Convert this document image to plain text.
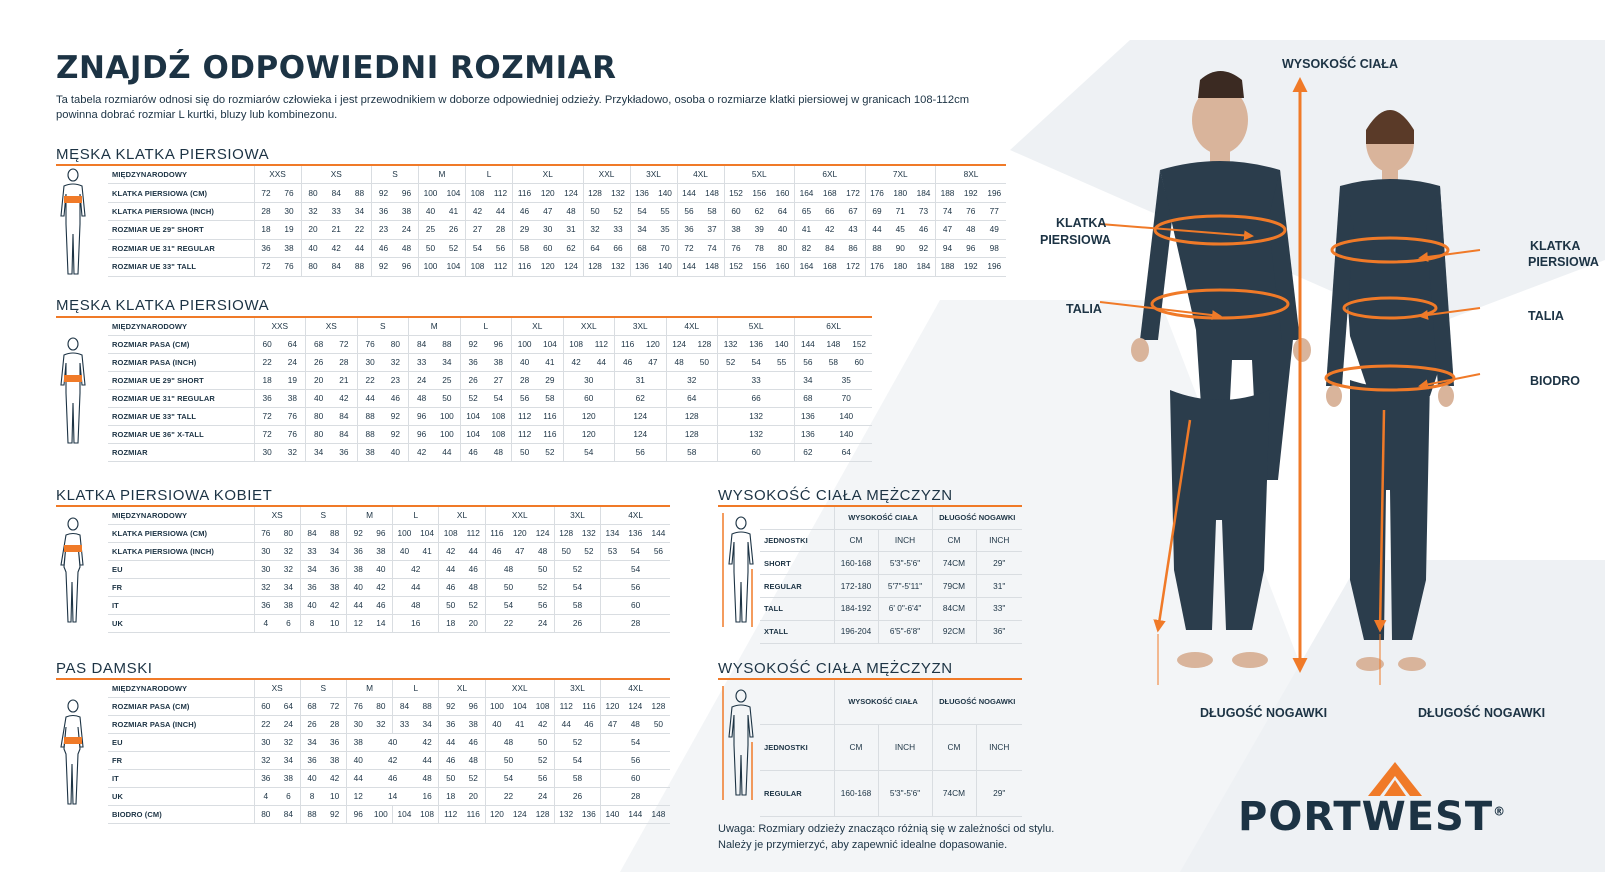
ZNAJDŹ ODPOWIEDNI ROZMIAR

Ta tabela rozmiarów odnosi się do rozmiarów człowieka i jest przewodnikiem w doborze odpowiedniej odzieży. Przykładowo, osoba o rozmiarze klatki piersiowej w granicach 108-112cm powinna dobrać rozmiar L kurtki, bluzy lub kombinezonu.

MĘSKA KLATKA PIERSIOWA
	MIĘDZYNARODOWY	XXS		XS			S		M		L		XL			XXL		3XL		4XL		5XL			6XL			7XL			8XL		
	KLATKA PIERSIOWA (CM)	72	76	80	84	88	92	96	100	104	108	112	116	120	124	128	132	136	140	144	148	152	156	160	164	168	172	176	180	184	188	192	196
	KLATKA PIERSIOWA (INCH)	28	30	32	33	34	36	38	40	41	42	44	46	47	48	50	52	54	55	56	58	60	62	64	65	66	67	69	71	73	74	76	77
	ROZMIAR UE 29" SHORT	18	19	20	21	22	23	24	25	26	27	28	29	30	31	32	33	34	35	36	37	38	39	40	41	42	43	44	45	46	47	48	49
	ROZMIAR UE 31" REGULAR	36	38	40	42	44	46	48	50	52	54	56	58	60	62	64	66	68	70	72	74	76	78	80	82	84	86	88	90	92	94	96	98
	ROZMIAR UE 33" TALL	72	76	80	84	88	92	96	100	104	108	112	116	120	124	128	132	136	140	144	148	152	156	160	164	168	172	176	180	184	188	192	196
MĘSKA KLATKA PIERSIOWA
	MIĘDZYNARODOWY	XXS		XS		S		M		L		XL		XXL		3XL		4XL		5XL			6XL		
	ROZMIAR PASA (CM)	60	64	68	72	76	80	84	88	92	96	100	104	108	112	116	120	124	128	132	136	140	144	148	152
	ROZMIAR PASA (INCH)	22	24	26	28	30	32	33	34	36	38	40	41	42	44	46	47	48	50	52	54	55	56	58	60
	ROZMIAR UE 29" SHORT	18	19	20	21	22	23	24	25	26	27	28	29	30		31		32		33			34	35	
	ROZMIAR UE 31" REGULAR	36	38	40	42	44	46	48	50	52	54	56	58	60		62		64		66			68	70	
	ROZMIAR UE 33" TALL	72	76	80	84	88	92	96	100	104	108	112	116	120		124		128		132			136	140	
	ROZMIAR UE 36" X-TALL	72	76	80	84	88	92	96	100	104	108	112	116	120		124		128		132			136	140	
	ROZMIAR	30	32	34	36	38	40	42	44	46	48	50	52	54		56		58		60			62	64	
KLATKA PIERSIOWA KOBIET
	MIĘDZYNARODOWY	XS		S		M		L		XL		XXL			3XL		4XL		
	KLATKA PIERSIOWA (CM)	76	80	84	88	92	96	100	104	108	112	116	120	124	128	132	134	136	144
	KLATKA PIERSIOWA (INCH)	30	32	33	34	36	38	40	41	42	44	46	47	48	50	52	53	54	56
	EU	30	32	34	36	38	40	42		44	46	48		50	52		54		
	FR	32	34	36	38	40	42	44		46	48	50		52	54		56		
	IT	36	38	40	42	44	46	48		50	52	54		56	58		60		
	UK	4	6	8	10	12	14	16		18	20	22		24	26		28		
PAS DAMSKI
	MIĘDZYNARODOWY	XS		S		M		L		XL		XXL			3XL		4XL		
	ROZMIAR PASA (CM)	60	64	68	72	76	80	84	88	92	96	100	104	108	112	116	120	124	128
	ROZMIAR PASA (INCH)	22	24	26	28	30	32	33	34	36	38	40	41	42	44	46	47	48	50
	EU	30	32	34	36	38	40		42	44	46	48		50	52		54		
	FR	32	34	36	38	40	42		44	46	48	50		52	54		56		
	IT	36	38	40	42	44	46		48	50	52	54		56	58		60		
	UK	4	6	8	10	12	14		16	18	20	22		24	26		28		
	BIODRO (CM)	80	84	88	92	96	100	104	108	112	116	120	124	128	132	136	140	144	148
WYSOKOŚĆ CIAŁA MĘŻCZYZN
		WYSOKOŚĆ CIAŁA		DŁUGOŚĆ NOGAWKI	
	JEDNOSTKI	CM	INCH	CM	INCH
	SHORT	160-168	5'3"-5'6"	74CM	29"
	REGULAR	172-180	5'7"-5'11"	79CM	31"
	TALL	184-192	6' 0"-6'4"	84CM	33"
	XTALL	196-204	6'5"-6'8"	92CM	36"
WYSOKOŚĆ CIAŁA MĘŻCZYZN
		WYSOKOŚĆ CIAŁA		DŁUGOŚĆ NOGAWKI	
	JEDNOSTKI	CM	INCH	CM	INCH
	REGULAR	160-168	5'3"-5'6"	74CM	29"

Uwaga: Rozmiary odzieży znacząco różnią się w zależności od stylu. Należy je przymierzyć, aby zapewnić idealne dopasowanie.

WYSOKOŚĆ CIAŁA
KLATKA
PIERSIOWA
TALIA
KLATKA
PIERSIOWA
TALIA
BIODRO
DŁUGOŚĆ NOGAWKI	DŁUGOŚĆ NOGAWKI
PORTWEST®
